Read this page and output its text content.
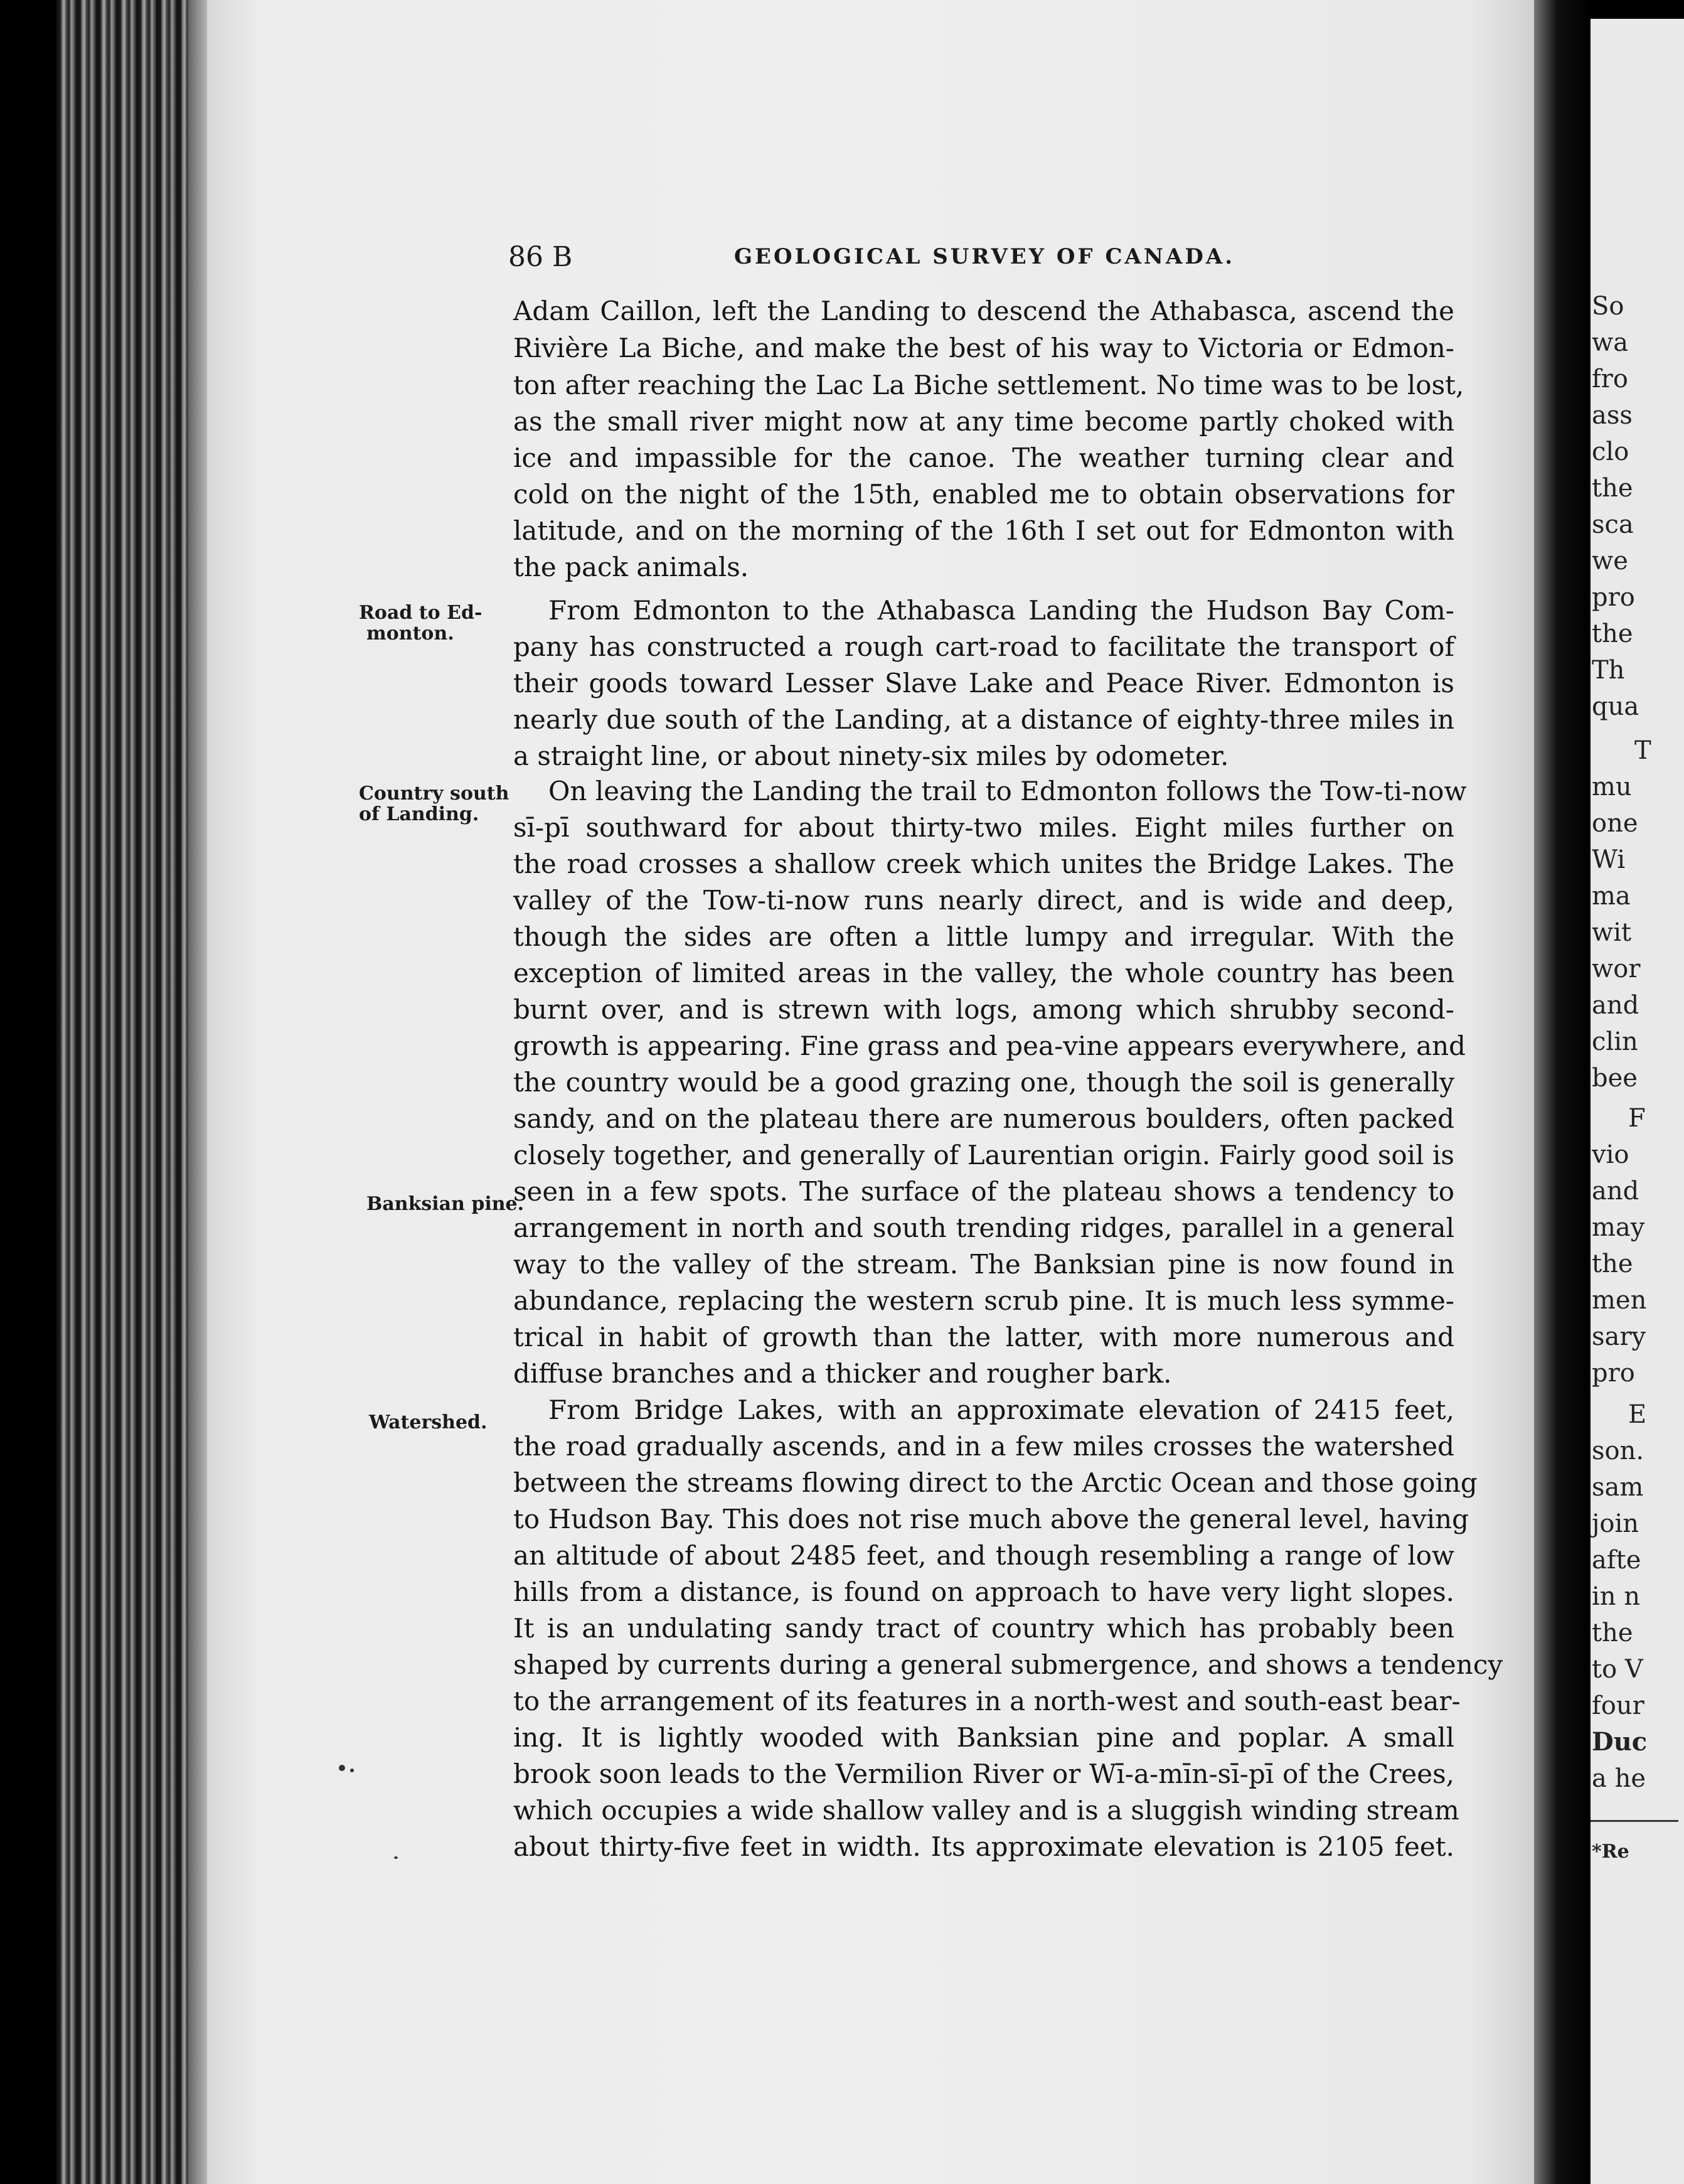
86 B	GEOLOGICAL SURVEY OF CANADA.
Road to Ed-
monton.
Country south
of Landing.
Banksian pine.
Watershed.
Adam Caillon, left the Landing to descend the Athabasca, ascend the
Rivière La Biche, and make the best of his way to Victoria or Edmon-
ton after reaching the Lac La Biche settlement. No time was to be lost,
as the small river might now at any time become partly choked with
ice and impassible for the canoe. The weather turning clear and
cold on the night of the 15th, enabled me to obtain observations for
latitude, and on the morning of the 16th I set out for Edmonton with
the pack animals.
From Edmonton to the Athabasca Landing the Hudson Bay Com-
pany has constructed a rough cart-road to facilitate the transport of
their goods toward Lesser Slave Lake and Peace River. Edmonton is
nearly due south of the Landing, at a distance of eighty-three miles in
a straight line, or about ninety-six miles by odometer.
On leaving the Landing the trail to Edmonton follows the Tow-ti-now
sī-pī southward for about thirty-two miles. Eight miles further on
the road crosses a shallow creek which unites the Bridge Lakes. The
valley of the Tow-ti-now runs nearly direct, and is wide and deep,
though the sides are often a little lumpy and irregular. With the
exception of limited areas in the valley, the whole country has been
burnt over, and is strewn with logs, among which shrubby second-
growth is appearing. Fine grass and pea-vine appears everywhere, and
the country would be a good grazing one, though the soil is generally
sandy, and on the plateau there are numerous boulders, often packed
closely together, and generally of Laurentian origin. Fairly good soil is
seen in a few spots. The surface of the plateau shows a tendency to
arrangement in north and south trending ridges, parallel in a general
way to the valley of the stream. The Banksian pine is now found in
abundance, replacing the western scrub pine. It is much less symme-
trical in habit of growth than the latter, with more numerous and
diffuse branches and a thicker and rougher bark.
From Bridge Lakes, with an approximate elevation of 2415 feet,
the road gradually ascends, and in a few miles crosses the watershed
between the streams flowing direct to the Arctic Ocean and those going
to Hudson Bay. This does not rise much above the general level, having
an altitude of about 2485 feet, and though resembling a range of low
hills from a distance, is found on approach to have very light slopes.
It is an undulating sandy tract of country which has probably been
shaped by currents during a general submergence, and shows a tendency
to the arrangement of its features in a north-west and south-east bear-
ing. It is lightly wooded with Banksian pine and poplar. A small
brook soon leads to the Vermilion River or Wī-a-mīn-sī-pī of the Crees,
which occupies a wide shallow valley and is a sluggish winding stream
about thirty-five feet in width. Its approximate elevation is 2105 feet.
So
wa
fro
ass
clo
the
sca
we
pro
the
Th
qua
T
mu
one
Wi
ma
wit
wor
and
clin
bee
F
vio
and
may
the
men
sary
pro
E
son.
sam
join
afte
in n
the
to V
four
Duc
a he
*Re
